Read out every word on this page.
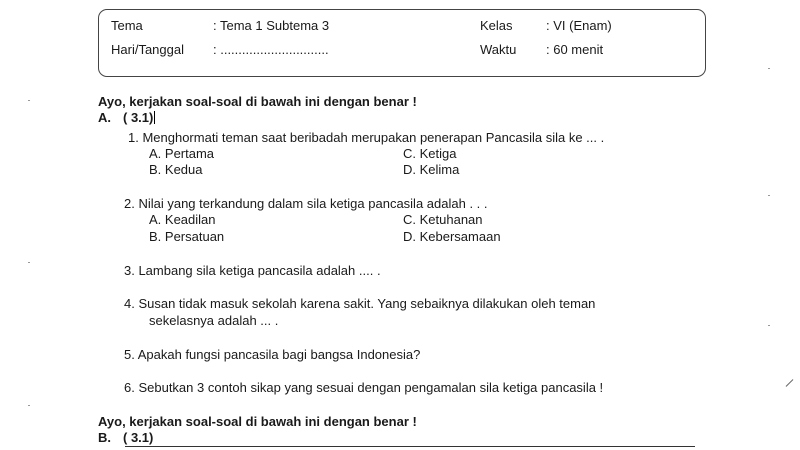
Tema	: Tema 1 Subtema 3	Kelas	: VI (Enam)
Hari/Tanggal : ..............................	Waktu : 60 menit
Ayo, kerjakan soal-soal di bawah ini dengan benar !
A. ( 3.1)
1. Menghormati teman saat beribadah merupakan penerapan Pancasila sila ke ... .
A. Pertama	C. Ketiga
B. Kedua	D. Kelima
2. Nilai yang terkandung dalam sila ketiga pancasila adalah . . .
A. Keadilan	C. Ketuhanan
B. Persatuan	D. Kebersamaan
3. Lambang sila ketiga pancasila adalah .... .
4. Susan tidak masuk sekolah karena sakit. Yang sebaiknya dilakukan oleh teman
sekelasnya adalah ... .
5. Apakah fungsi pancasila bagi bangsa Indonesia?
6. Sebutkan 3 contoh sikap yang sesuai dengan pengamalan sila ketiga pancasila !
Ayo, kerjakan soal-soal di bawah ini dengan benar !
B. ( 3.1)
